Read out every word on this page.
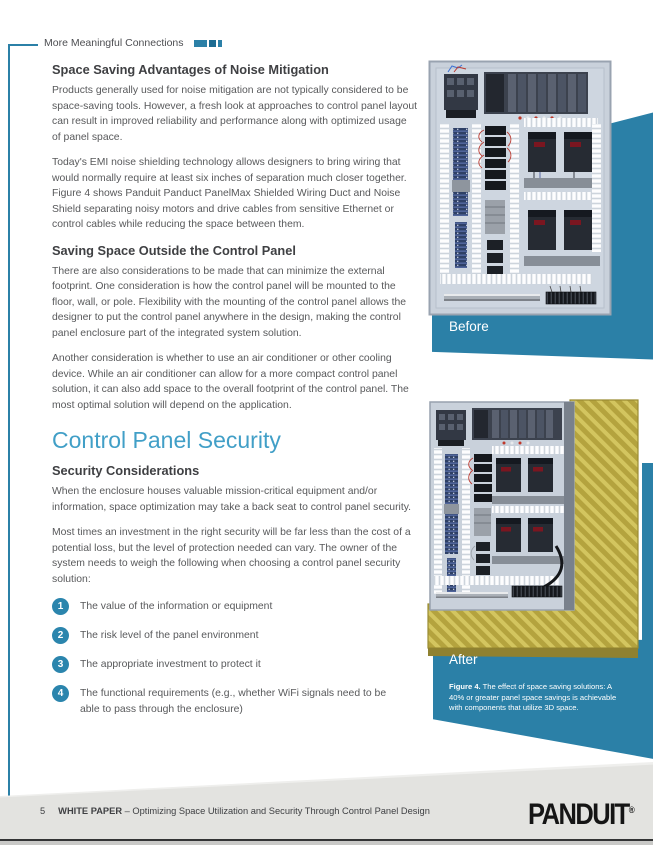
More Meaningful Connections
Space Saving Advantages of Noise Mitigation

Products generally used for noise mitigation are not typically considered to be space-saving tools. However, a fresh look at approaches to control panel layout can result in improved reliability and performance along with optimized usage of panel space.

Today's EMI noise shielding technology allows designers to bring wiring that would normally require at least six inches of separation much closer together. Figure 4 shows Panduit Panduct PanelMax Shielded Wiring Duct and Noise Shield separating noisy motors and drive cables from sensitive Ethernet or control cables while reducing the space between them.

Saving Space Outside the Control Panel

There are also considerations to be made that can minimize the external footprint. One consideration is how the control panel will be mounted to the floor, wall, or pole. Flexibility with the mounting of the control panel allows the designer to put the control panel anywhere in the design, making the control panel enclosure part of the integrated system solution.

Another consideration is whether to use an air conditioner or other cooling device. While an air conditioner can allow for a more compact control panel solution, it can also add space to the overall footprint of the control panel. The most optimal solution will depend on the application.

Control Panel Security
Security Considerations

When the enclosure houses valuable mission-critical equipment and/or information, space optimization may take a back seat to control panel security.

Most times an investment in the right security will be far less than the cost of a potential loss, but the level of protection needed can vary. The owner of the system needs to weigh the following when choosing a control panel security solution:

1	The value of the information or equipment

2	The risk level of the panel environment

3	The appropriate investment to protect it

4	The functional requirements (e.g., whether WiFi signals need to be able to pass through the enclosure)

Before
After
Figure 4. The effect of space saving solutions: A 40% or greater panel space savings is achievable with components that utilize 3D space.
5 WHITE PAPER – Optimizing Space Utilization and Security Through Control Panel Design	PANDUIT®
